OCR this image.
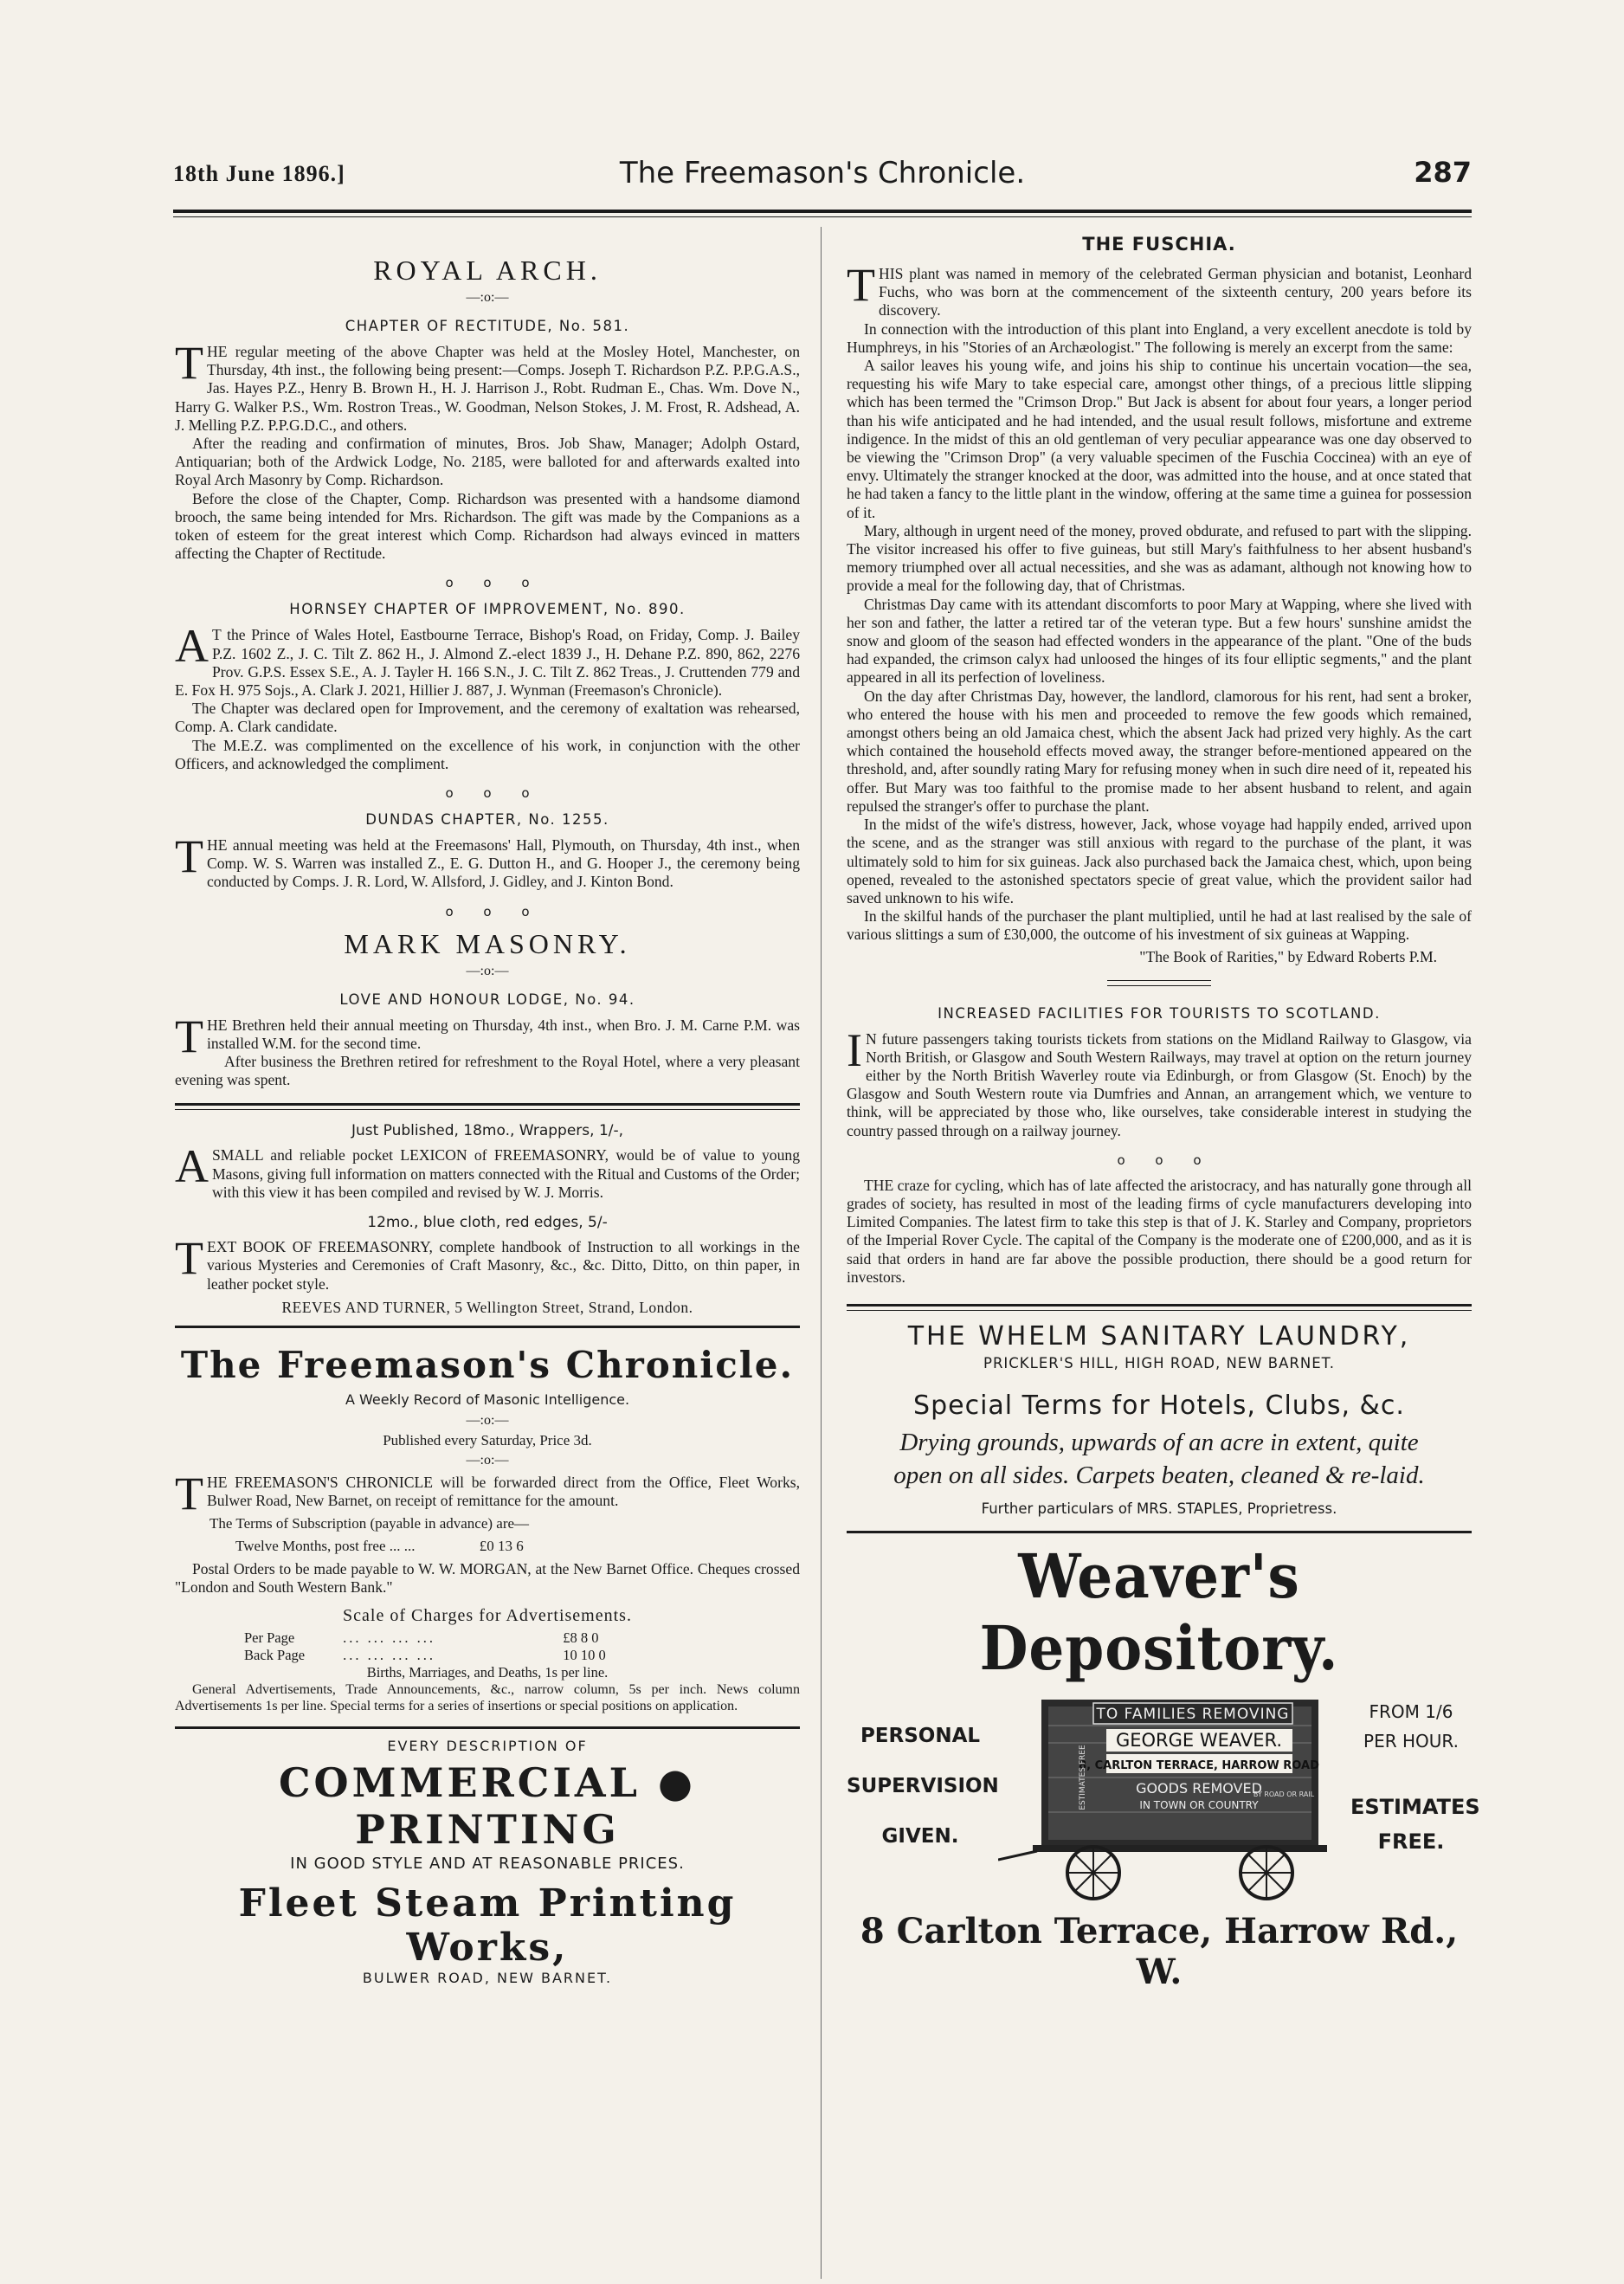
18th June 1896.]	The Freemason's Chronicle.	287
ROYAL ARCH.
—:o:—
CHAPTER OF RECTITUDE, No. 581.

THE regular meeting of the above Chapter was held at the Mosley Hotel, Manchester, on Thursday, 4th inst., the following being present:—Comps. Joseph T. Richardson P.Z. P.P.G.A.S., Jas. Hayes P.Z., Henry B. Brown H., H. J. Harrison J., Robt. Rudman E., Chas. Wm. Dove N., Harry G. Walker P.S., Wm. Rostron Treas., W. Goodman, Nelson Stokes, J. M. Frost, R. Adshead, A. J. Melling P.Z. P.P.G.D.C., and others.

After the reading and confirmation of minutes, Bros. Job Shaw, Manager; Adolph Ostard, Antiquarian; both of the Ardwick Lodge, No. 2185, were balloted for and afterwards exalted into Royal Arch Masonry by Comp. Richardson.

Before the close of the Chapter, Comp. Richardson was presented with a handsome diamond brooch, the same being intended for Mrs. Richardson. The gift was made by the Companions as a token of esteem for the great interest which Comp. Richardson had always evinced in matters affecting the Chapter of Rectitude.

o o o
HORNSEY CHAPTER OF IMPROVEMENT, No. 890.

AT the Prince of Wales Hotel, Eastbourne Terrace, Bishop's Road, on Friday, Comp. J. Bailey P.Z. 1602 Z., J. C. Tilt Z. 862 H., J. Almond Z.-elect 1839 J., H. Dehane P.Z. 890, 862, 2276 Prov. G.P.S. Essex S.E., A. J. Tayler H. 166 S.N., J. C. Tilt Z. 862 Treas., J. Cruttenden 779 and E. Fox H. 975 Sojs., A. Clark J. 2021, Hillier J. 887, J. Wynman (Freemason's Chronicle).

The Chapter was declared open for Improvement, and the ceremony of exaltation was rehearsed, Comp. A. Clark candidate.

The M.E.Z. was complimented on the excellence of his work, in conjunction with the other Officers, and acknowledged the compliment.

o o o
DUNDAS CHAPTER, No. 1255.

THE annual meeting was held at the Freemasons' Hall, Plymouth, on Thursday, 4th inst., when Comp. W. S. Warren was installed Z., E. G. Dutton H., and G. Hooper J., the ceremony being conducted by Comps. J. R. Lord, W. Allsford, J. Gidley, and J. Kinton Bond.

o o o
MARK MASONRY.
—:o:—
LOVE AND HONOUR LODGE, No. 94.

THE Brethren held their annual meeting on Thursday, 4th inst., when Bro. J. M. Carne P.M. was installed W.M. for the second time.

After business the Brethren retired for refreshment to the Royal Hotel, where a very pleasant evening was spent.

Just Published, 18mo., Wrappers, 1/-,

ASMALL and reliable pocket LEXICON of FREEMASONRY, would be of value to young Masons, giving full information on matters connected with the Ritual and Customs of the Order; with this view it has been compiled and revised by W. J. Morris.

12mo., blue cloth, red edges, 5/-

TEXT BOOK OF FREEMASONRY, complete handbook of Instruction to all workings in the various Mysteries and Ceremonies of Craft Masonry, &c., &c. Ditto, Ditto, on thin paper, in leather pocket style.

REEVES AND TURNER, 5 Wellington Street, Strand, London.
The Freemason's Chronicle.
A Weekly Record of Masonic Intelligence.
—:o:—
Published every Saturday, Price 3d.
—:o:—

THE FREEMASON'S CHRONICLE will be forwarded direct from the Office, Fleet Works, Bulwer Road, New Barnet, on receipt of remittance for the amount.

The Terms of Subscription (payable in advance) are—
Twelve Months, post free ... ...	£0 13 6

Postal Orders to be made payable to W. W. MORGAN, at the New Barnet Office. Cheques crossed "London and South Western Bank."

Scale of Charges for Advertisements.
Per Page	... ... ... ...	£8 8 0
Back Page	... ... ... ...	10 10 0
Births, Marriages, and Deaths, 1s per line.

General Advertisements, Trade Announcements, &c., narrow column, 5s per inch. News column Advertisements 1s per line. Special terms for a series of insertions or special positions on application.

EVERY DESCRIPTION OF
COMMERCIAL ● PRINTING
IN GOOD STYLE AND AT REASONABLE PRICES.
Fleet Steam Printing Works,
BULWER ROAD, NEW BARNET.
THE FUSCHIA.

THIS plant was named in memory of the celebrated German physician and botanist, Leonhard Fuchs, who was born at the commencement of the sixteenth century, 200 years before its discovery.

In connection with the introduction of this plant into England, a very excellent anecdote is told by Humphreys, in his "Stories of an Archæologist." The following is merely an excerpt from the same:

A sailor leaves his young wife, and joins his ship to continue his uncertain vocation—the sea, requesting his wife Mary to take especial care, amongst other things, of a precious little slipping which has been termed the "Crimson Drop." But Jack is absent for about four years, a longer period than his wife anticipated and he had intended, and the usual result follows, misfortune and extreme indigence. In the midst of this an old gentleman of very peculiar appearance was one day observed to be viewing the "Crimson Drop" (a very valuable specimen of the Fuschia Coccinea) with an eye of envy. Ultimately the stranger knocked at the door, was admitted into the house, and at once stated that he had taken a fancy to the little plant in the window, offering at the same time a guinea for possession of it.

Mary, although in urgent need of the money, proved obdurate, and refused to part with the slipping. The visitor increased his offer to five guineas, but still Mary's faithfulness to her absent husband's memory triumphed over all actual necessities, and she was as adamant, although not knowing how to provide a meal for the following day, that of Christmas.

Christmas Day came with its attendant discomforts to poor Mary at Wapping, where she lived with her son and father, the latter a retired tar of the veteran type. But a few hours' sunshine amidst the snow and gloom of the season had effected wonders in the appearance of the plant. "One of the buds had expanded, the crimson calyx had unloosed the hinges of its four elliptic segments," and the plant appeared in all its perfection of loveliness.

On the day after Christmas Day, however, the landlord, clamorous for his rent, had sent a broker, who entered the house with his men and proceeded to remove the few goods which remained, amongst others being an old Jamaica chest, which the absent Jack had prized very highly. As the cart which contained the household effects moved away, the stranger before-mentioned appeared on the threshold, and, after soundly rating Mary for refusing money when in such dire need of it, repeated his offer. But Mary was too faithful to the promise made to her absent husband to relent, and again repulsed the stranger's offer to purchase the plant.

In the midst of the wife's distress, however, Jack, whose voyage had happily ended, arrived upon the scene, and as the stranger was still anxious with regard to the purchase of the plant, it was ultimately sold to him for six guineas. Jack also purchased back the Jamaica chest, which, upon being opened, revealed to the astonished spectators specie of great value, which the provident sailor had saved unknown to his wife.

In the skilful hands of the purchaser the plant multiplied, until he had at last realised by the sale of various slittings a sum of £30,000, the outcome of his investment of six guineas at Wapping.

"The Book of Rarities," by Edward Roberts P.M.
INCREASED FACILITIES FOR TOURISTS TO SCOTLAND.

IN future passengers taking tourists tickets from stations on the Midland Railway to Glasgow, via North British, or Glasgow and South Western Railways, may travel at option on the return journey either by the North British Waverley route via Edinburgh, or from Glasgow (St. Enoch) by the Glasgow and South Western route via Dumfries and Annan, an arrangement which, we venture to think, will be appreciated by those who, like ourselves, take considerable interest in studying the country passed through on a railway journey.

o o o

THE craze for cycling, which has of late affected the aristocracy, and has naturally gone through all grades of society, has resulted in most of the leading firms of cycle manufacturers developing into Limited Companies. The latest firm to take this step is that of J. K. Starley and Company, proprietors of the Imperial Rover Cycle. The capital of the Company is the moderate one of £200,000, and as it is said that orders in hand are far above the possible production, there should be a good return for investors.

THE WHELM SANITARY LAUNDRY,
PRICKLER'S HILL, HIGH ROAD, NEW BARNET.
Special Terms for Hotels, Clubs, &c.
Drying grounds, upwards of an acre in extent, quite
open on all sides. Carpets beaten, cleaned & re-laid.
Further particulars of MRS. STAPLES, Proprietress.
Weaver's Depository.
PERSONAL
SUPERVISION
GIVEN.
TO FAMILIES REMOVING
GEORGE WEAVER.
8, CARLTON TERRACE, HARROW ROAD
GOODS REMOVED
IN TOWN OR COUNTRY
ESTIMATES FREE	BY ROAD OR RAIL
FROM 1/6
PER HOUR.
ESTIMATES
FREE.
8 Carlton Terrace, Harrow Rd., W.
